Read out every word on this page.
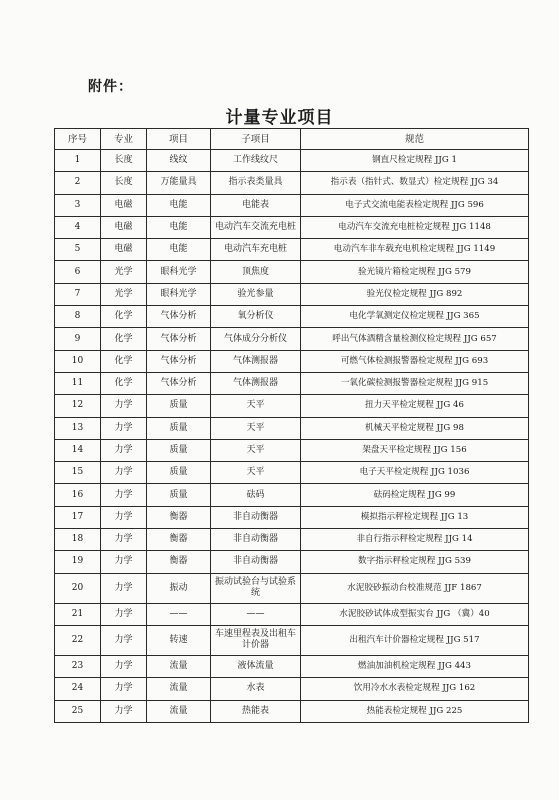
附件：
计量专业项目
序号	专业	项目	子项目	规范
1	长度	线纹	工作线纹尺	钢直尺检定规程 JJG 1
2	长度	万能量具	指示表类量具	指示表（指针式、数显式）检定规程 JJG 34
3	电磁	电能	电能表	电子式交流电能表检定规程 JJG 596
4	电磁	电能	电动汽车交流充电桩	电动汽车交流充电桩检定规程 JJG 1148
5	电磁	电能	电动汽车充电桩	电动汽车非车载充电机检定规程 JJG 1149
6	光学	眼科光学	顶焦度	验光镜片箱检定规程 JJG 579
7	光学	眼科光学	验光参量	验光仪检定规程 JJG 892
8	化学	气体分析	氧分析仪	电化学氧测定仪检定规程 JJG 365
9	化学	气体分析	气体成分分析仪	呼出气体酒精含量检测仪检定规程 JJG 657
10	化学	气体分析	气体测报器	可燃气体检测报警器检定规程 JJG 693
11	化学	气体分析	气体测报器	一氧化碳检测报警器检定规程 JJG 915
12	力学	质量	天平	扭力天平检定规程 JJG 46
13	力学	质量	天平	机械天平检定规程 JJG 98
14	力学	质量	天平	架盘天平检定规程 JJG 156
15	力学	质量	天平	电子天平检定规程 JJG 1036
16	力学	质量	砝码	砝码检定规程 JJG 99
17	力学	衡器	非自动衡器	模拟指示秤检定规程 JJG 13
18	力学	衡器	非自动衡器	非自行指示秤检定规程 JJG 14
19	力学	衡器	非自动衡器	数字指示秤检定规程 JJG 539
20	力学	振动	振动试验台与试验系统	水泥胶砂振动台校准规范 JJF 1867
21	力学	——	——	水泥胶砂试体成型振实台 JJG （冀）40
22	力学	转速	车速里程表及出租车计价器	出租汽车计价器检定规程 JJG 517
23	力学	流量	液体流量	燃油加油机检定规程 JJG 443
24	力学	流量	水表	饮用冷水水表检定规程 JJG 162
25	力学	流量	热能表	热能表检定规程 JJG 225
